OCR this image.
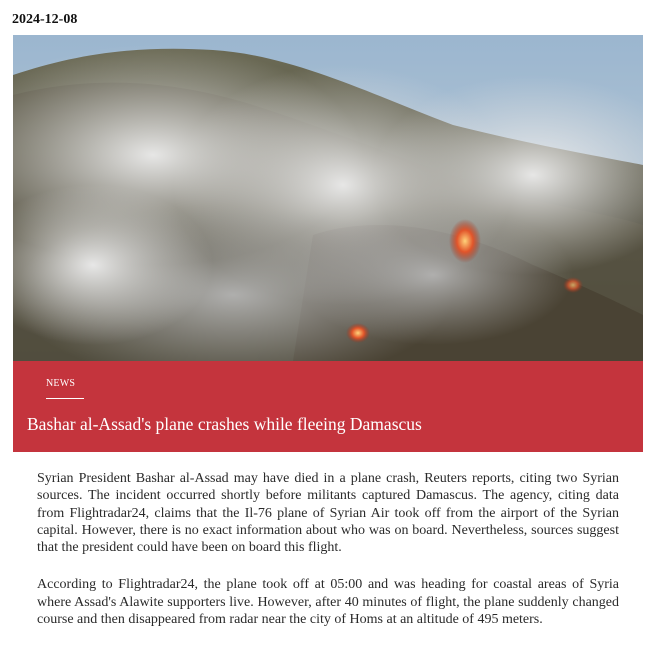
2024-12-08
NEWS
Bashar al-Assad's plane crashes while fleeing Damascus

Syrian President Bashar al-Assad may have died in a plane crash, Reuters reports, citing two Syrian sources. The incident occurred shortly before militants captured Damascus. The agency, citing data from Flightradar24, claims that the Il-76 plane of Syrian Air took off from the airport of the Syrian capital. However, there is no exact information about who was on board. Nevertheless, sources suggest that the president could have been on board this flight.

According to Flightradar24, the plane took off at 05:00 and was heading for coastal areas of Syria where Assad's Alawite supporters live. However, after 40 minutes of flight, the plane suddenly changed course and then disappeared from radar near the city of Homs at an altitude of 495 meters.
